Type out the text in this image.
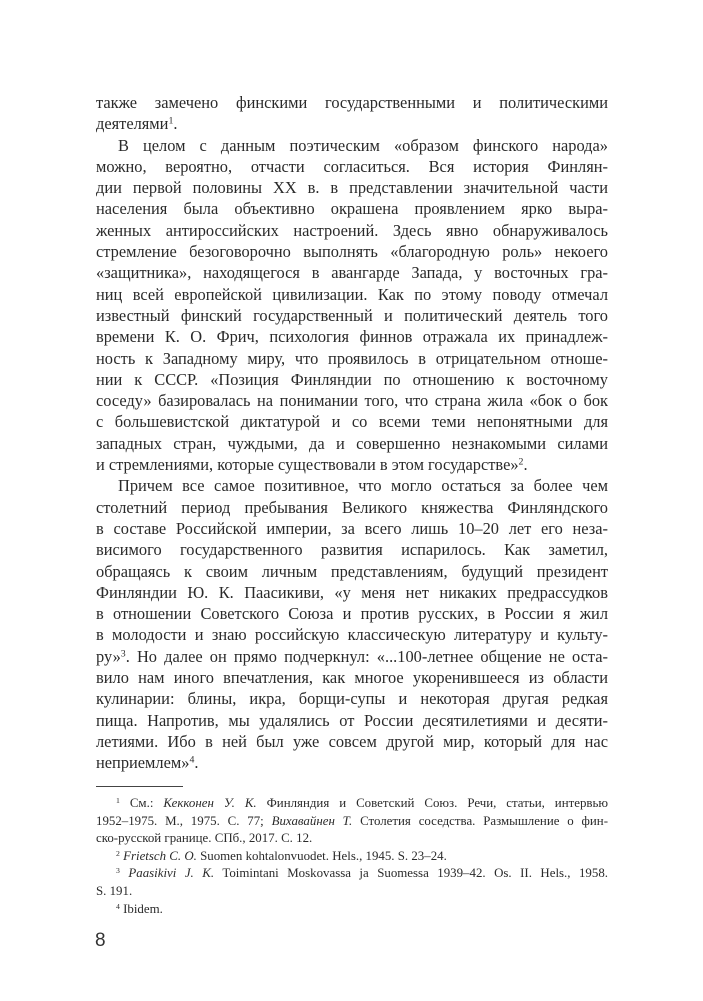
также замечено финскими государственными и политическими
деятелями$^1$.
В целом с данным поэтическим «образом финского народа»
можно, вероятно, отчасти согласиться. Вся история Финлян-
дии первой половины XX в. в представлении значительной части
населения была объективно окрашена проявлением ярко выра-
женных антироссийских настроений. Здесь явно обнаруживалось
стремление безоговорочно выполнять «благородную роль» некоего
«защитника», находящегося в авангарде Запада, у восточных гра-
ниц всей европейской цивилизации. Как по этому поводу отмечал
известный финский государственный и политический деятель того
времени К. О. Фрич, психология финнов отражала их принадлеж-
ность к Западному миру, что проявилось в отрицательном отноше-
нии к СССР. «Позиция Финляндии по отношению к восточному
соседу» базировалась на понимании того, что страна жила «бок о бок
с большевистской диктатурой и со всеми теми непонятными для
западных стран, чуждыми, да и совершенно незнакомыми силами
и стремлениями, которые существовали в этом государстве»$^2$.
Причем все самое позитивное, что могло остаться за более чем
столетний период пребывания Великого княжества Финляндского
в составе Российской империи, за всего лишь 10–20 лет его неза-
висимого государственного развития испарилось. Как заметил,
обращаясь к своим личным представлениям, будущий президент
Финляндии Ю. К. Паасикиви, «у меня нет никаких предрассудков
в отношении Советского Союза и против русских, в России я жил
в молодости и знаю российскую классическую литературу и культу-
ру»$^3$. Но далее он прямо подчеркнул: «...100-летнее общение не оста-
вило нам иного впечатления, как многое укоренившееся из области
кулинарии: блины, икра, борщи-супы и некоторая другая редкая
пища. Напротив, мы удалялись от России десятилетиями и десяти-
летиями. Ибо в ней был уже совсем другой мир, который для нас
неприемлем»$^4$.
$^1$ См.: Кекконен У. К. Финляндия и Советский Союз. Речи, статьи, интервью
1952–1975. М., 1975. С. 77; Вихавайнен Т. Столетия соседства. Размышление о фин-
ско-русской границе. СПб., 2017. С. 12.
$^2$ Frietsch C. O. Suomen kohtalonvuodet. Hels., 1945. S. 23–24.
$^3$ Paasikivi J. K. Toimintani Moskovassa ja Suomessa 1939–42. Os. II. Hels., 1958.
S. 191.
$^4$ Ibidem.
8
